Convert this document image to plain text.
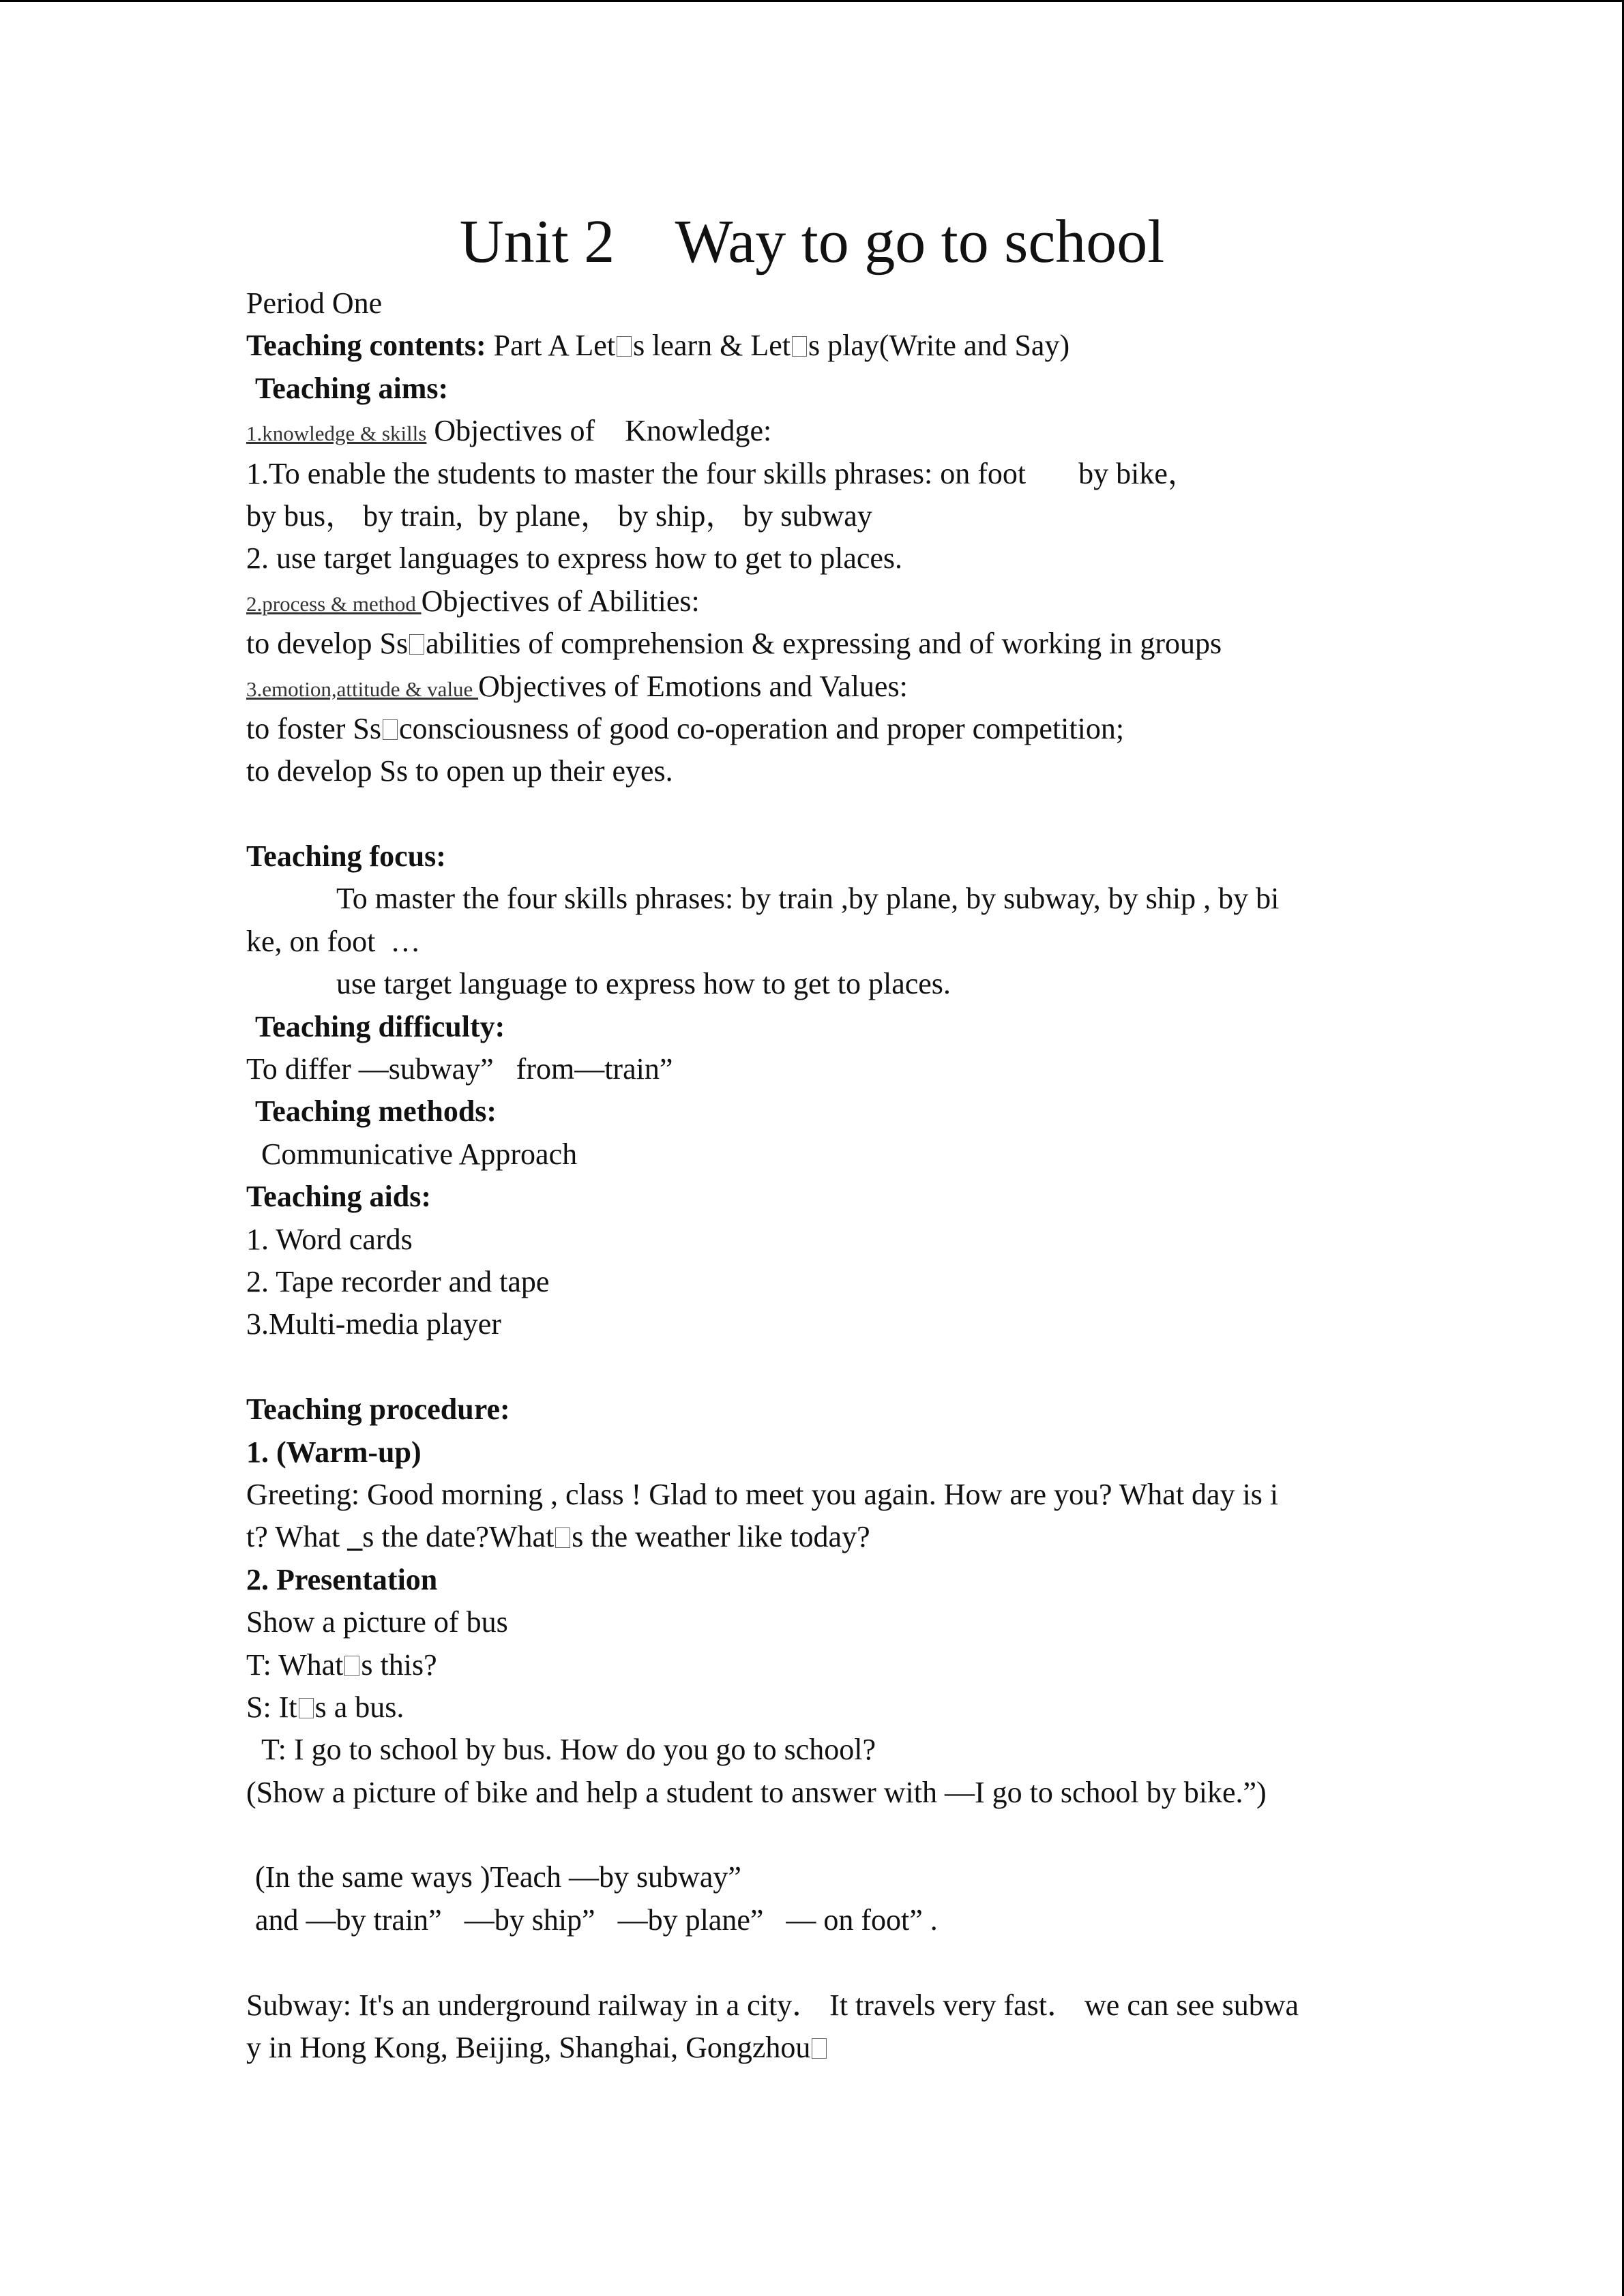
Unit 2    Way to go to school
Period One
Teaching contents: Part A Let s learn & Let s play(Write and Say)
Teaching aims:
1.knowledge & skills Objectives of    Knowledge:
1.To enable the students to master the four skills phrases: on foot       by bike，
by bus， by train,  by plane， by ship， by subway
2. use target languages to express how to get to places.
2.process & method Objectives of Abilities:
to develop Ss abilities of comprehension & expressing and of working in groups
3.emotion,attitude & value Objectives of Emotions and Values:
to foster Ss consciousness of good co-operation and proper competition;
to develop Ss to open up their eyes.
Teaching focus:
To master the four skills phrases: by train ,by plane, by subway, by ship , by bi
ke, on foot  …
use target language to express how to get to places.
Teaching difficulty:
To differ —subway”   from—train”
Teaching methods:
Communicative Approach
Teaching aids:
1. Word cards
2. Tape recorder and tape
3.Multi-media player
Teaching procedure:
1. (Warm-up)
Greeting: Good morning , class ! Glad to meet you again. How are you? What day is i
t? What _s the date?What s the weather like today?
2. Presentation
Show a picture of bus
T: What s this?
S: It s a bus.
T: I go to school by bus. How do you go to school?
(Show a picture of bike and help a student to answer with —I go to school by bike.”)
(In the same ways )Teach —by subway”
and —by train”   —by ship”   —by plane”   — on foot” .
Subway: It's an underground railway in a city． It travels very fast． we can see subwa
y in Hong Kong, Beijing, Shanghai, Gongzhou
